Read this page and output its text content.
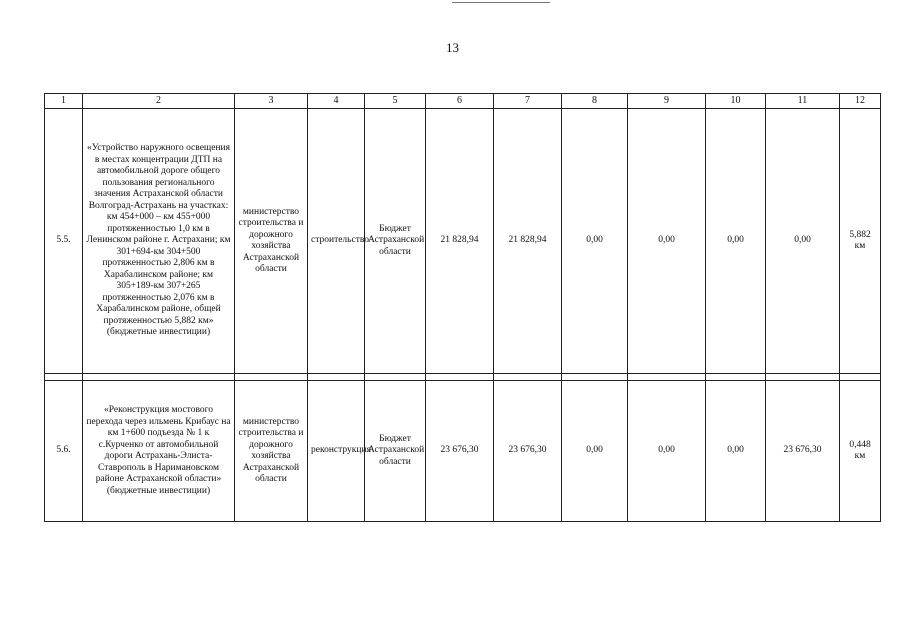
13
1	2	3	4	5	6	7	8	9	10	11	12
5.5.	«Устройство наружного освещения в местах концентрации ДТП на автомобильной дороге общего пользования регионального значения Астраханской области Волгоград-Астрахань на участках: км 454+000 – км 455+000 протяженностью 1,0 км в Ленинском районе г. Астрахани; км 301+694-км 304+500 протяженностью 2,806 км в Харабалинском районе; км 305+189-км 307+265 протяженностью 2,076 км в Харабалинском районе, общей протяженностью 5,882 км» (бюджетные инвестиции)	министерство строительства и дорожного хозяйства Астраханской области	строительство	Бюджет Астраханской области	21 828,94	21 828,94	0,00	0,00	0,00	0,00	5,882 км

5.6.	«Реконструкция мостового перехода через ильмень Крибаус на км 1+600 подъезда № 1 к с.Курченко от автомобильной дороги Астрахань-Элиста-Ставрополь в Наримановском районе Астраханской области» (бюджетные инвестиции)	министерство строительства и дорожного хозяйства Астраханской области	реконструкция	Бюджет Астраханской области	23 676,30	23 676,30	0,00	0,00	0,00	23 676,30	0,448 км
